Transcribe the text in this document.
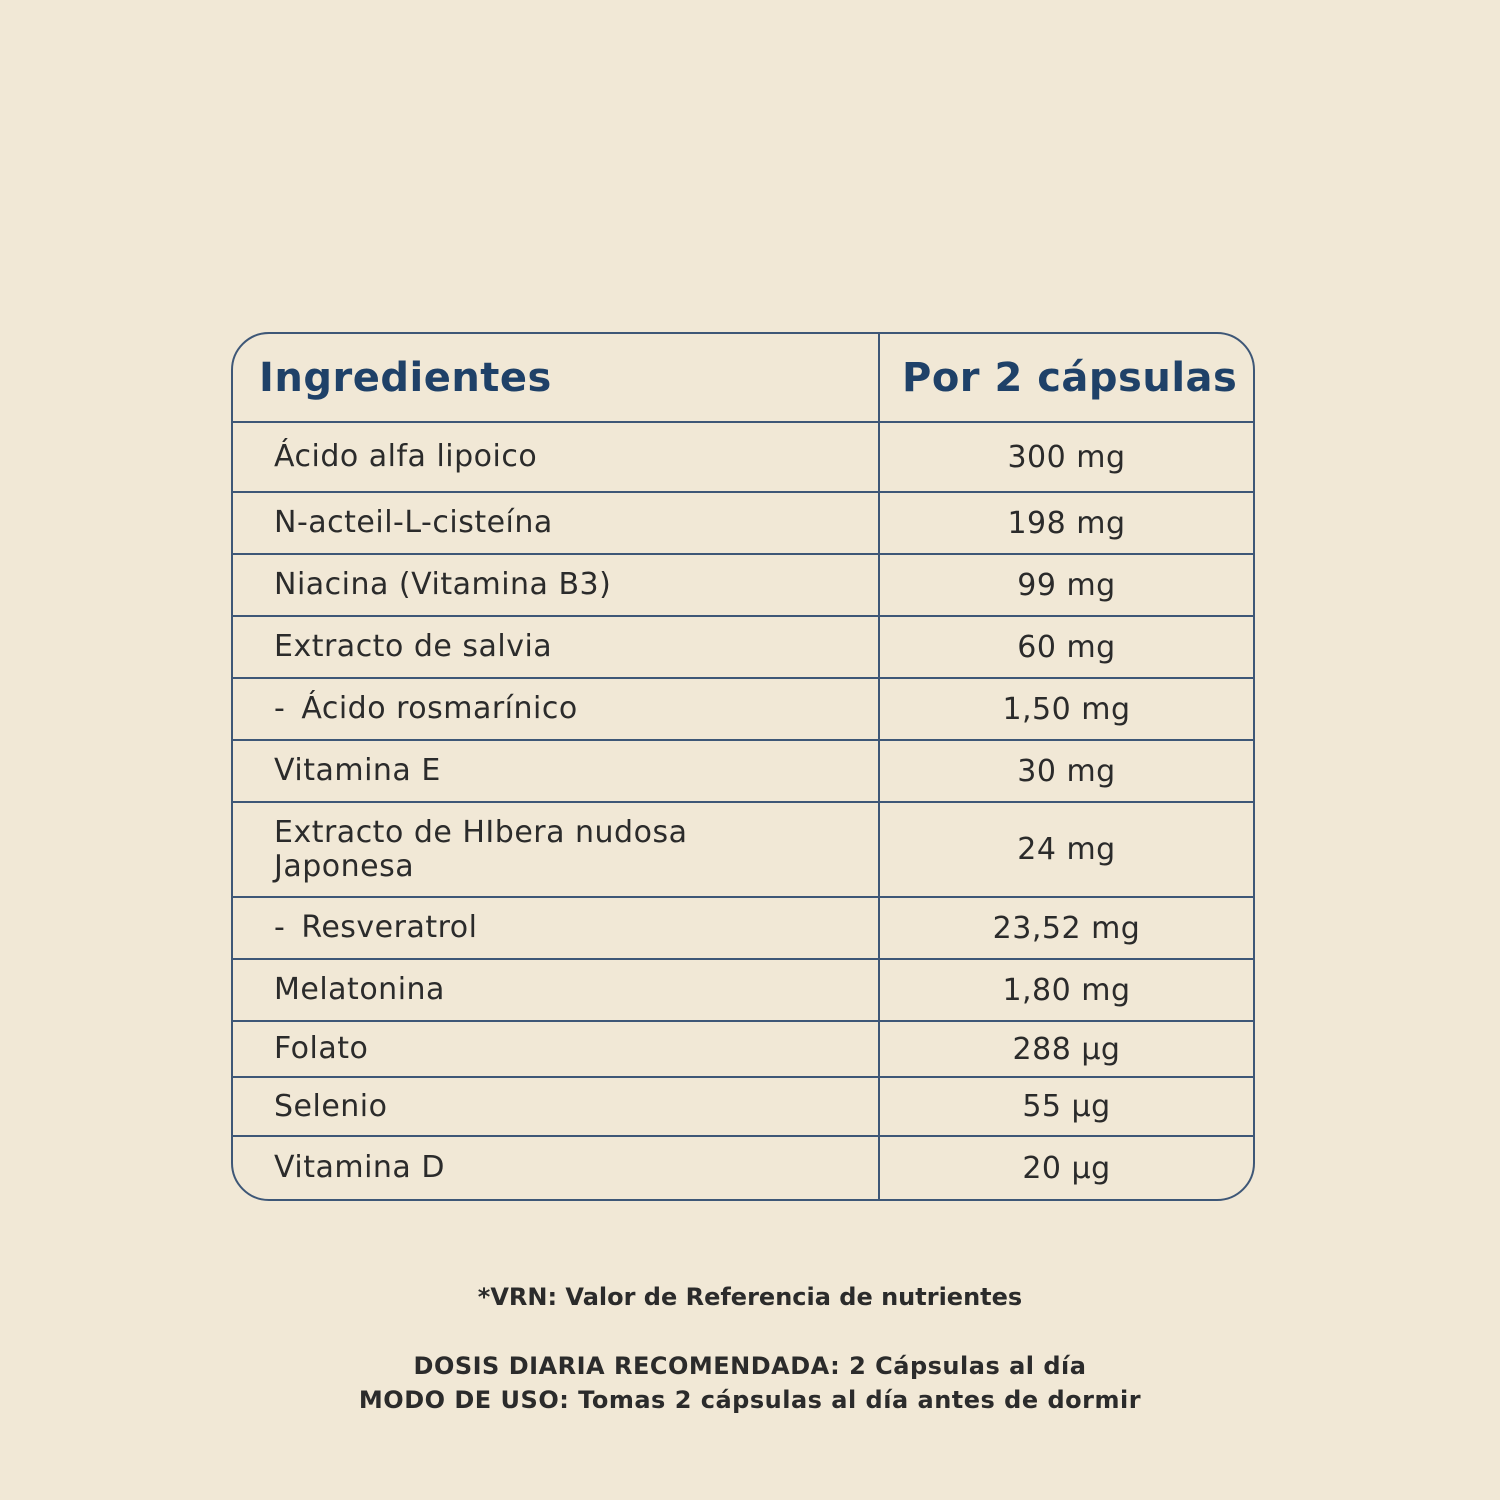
Ingredientes	Por 2 cápsulas
Ácido alfa lipoico	300 mg
N-acteil-L-cisteína	198 mg
Niacina (Vitamina B3)	99 mg
Extracto de salvia	60 mg
- Ácido rosmarínico	1,50 mg
Vitamina E	30 mg
Extracto de HIbera nudosa Japonesa	24 mg
- Resveratrol	23,52 mg
Melatonina	1,80 mg
Folato	288 µg
Selenio	55 µg
Vitamina D	20 µg
*VRN: Valor de Referencia de nutrientes
DOSIS DIARIA RECOMENDADA: 2 Cápsulas al día
MODO DE USO: Tomas 2 cápsulas al día antes de dormir
